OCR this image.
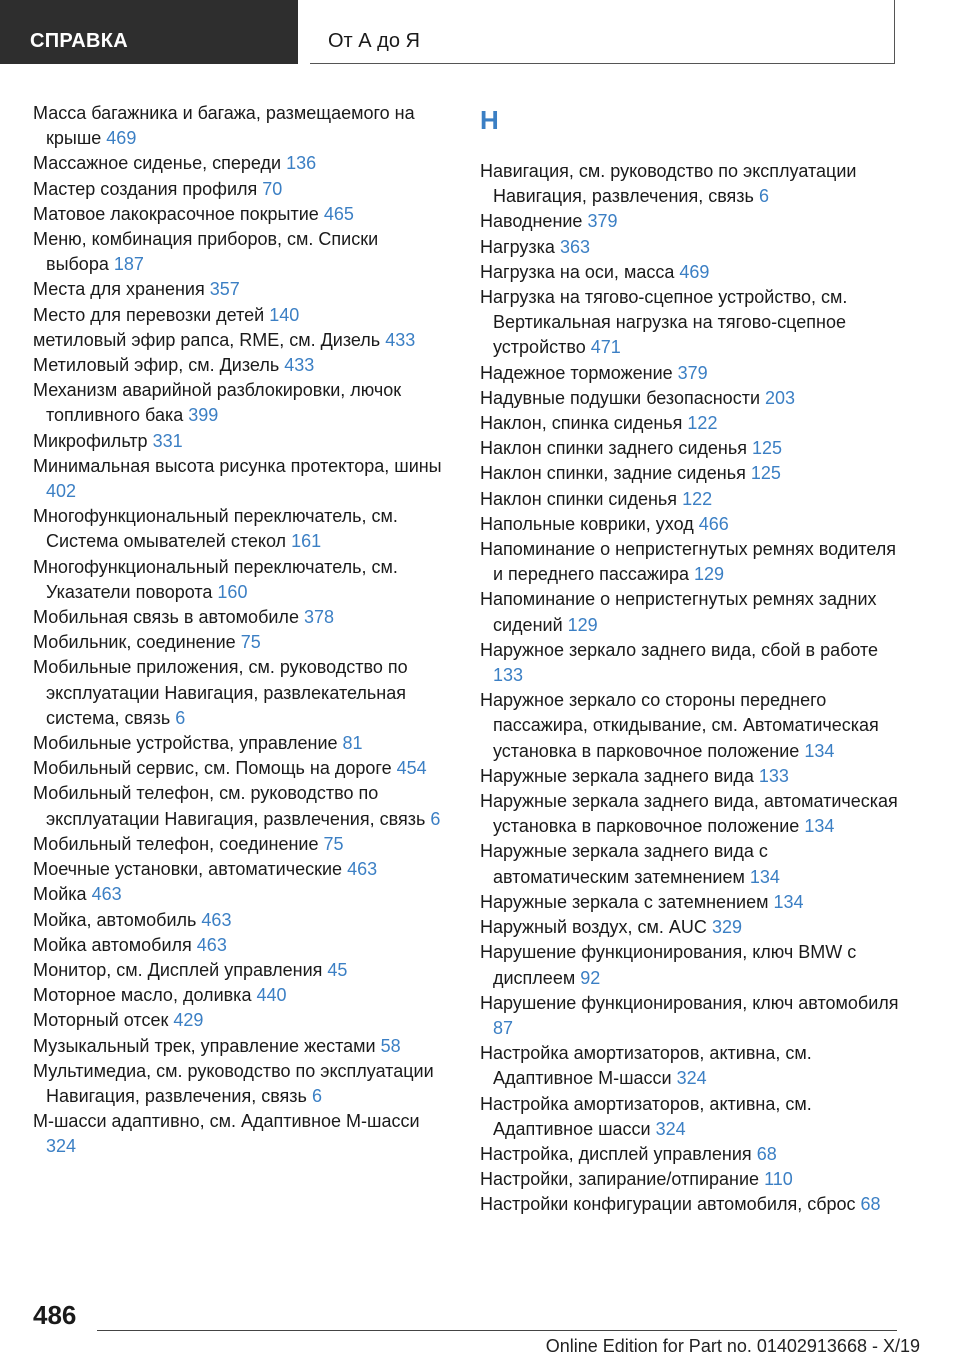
СПРАВКА	От А до Я
Масса багажника и багажа, размещаемого на крыше 469
Массажное сиденье, спереди 136
Мастер создания профиля 70
Матовое лакокрасочное покрытие 465
Меню, комбинация приборов, см. Списки выбора 187
Места для хранения 357
Место для перевозки детей 140
метиловый эфир рапса, RME, см. Дизель 433
Метиловый эфир, см. Дизель 433
Механизм аварийной разблокировки, лючок топливного бака 399
Микрофильтр 331
Минимальная высота рисунка протектора, шины 402
Многофункциональный переключатель, см. Система омывателей стекол 161
Многофункциональный переключатель, см. Указатели поворота 160
Мобильная связь в автомобиле 378
Мобильник, соединение 75
Мобильные приложения, см. руководство по эксплуатации Навигация, развлекательная система, связь 6
Мобильные устройства, управление 81
Мобильный сервис, см. Помощь на дороге 454
Мобильный телефон, см. руководство по эксплуатации Навигация, развлечения, связь 6
Мобильный телефон, соединение 75
Моечные установки, автоматические 463
Мойка 463
Мойка, автомобиль 463
Мойка автомобиля 463
Монитор, см. Дисплей управления 45
Моторное масло, доливка 440
Моторный отсек 429
Музыкальный трек, управление жестами 58
Мультимедиа, см. руководство по эксплуатации Навигация, развлечения, связь 6
М-шасси адаптивно, см. Адаптивное М-шасси 324
Н
Навигация, см. руководство по эксплуатации Навигация, развлечения, связь 6
Наводнение 379
Нагрузка 363
Нагрузка на оси, масса 469
Нагрузка на тягово-сцепное устройство, см. Вертикальная нагрузка на тягово-сцепное устройство 471
Надежное торможение 379
Надувные подушки безопасности 203
Наклон, спинка сиденья 122
Наклон спинки заднего сиденья 125
Наклон спинки, задние сиденья 125
Наклон спинки сиденья 122
Напольные коврики, уход 466
Напоминание о непристегнутых ремнях водителя и переднего пассажира 129
Напоминание о непристегнутых ремнях задних сидений 129
Наружное зеркало заднего вида, сбой в работе 133
Наружное зеркало со стороны переднего пассажира, откидывание, см. Автоматическая установка в парковочное положение 134
Наружные зеркала заднего вида 133
Наружные зеркала заднего вида, автоматическая установка в парковочное положение 134
Наружные зеркала заднего вида с автоматическим затемнением 134
Наружные зеркала с затемнением 134
Наружный воздух, см. AUC 329
Нарушение функционирования, ключ BMW с дисплеем 92
Нарушение функционирования, ключ автомобиля 87
Настройка амортизаторов, активна, см. Адаптивное М-шасси 324
Настройка амортизаторов, активна, см. Адаптивное шасси 324
Настройка, дисплей управления 68
Настройки, запирание/отпирание 110
Настройки конфигурации автомобиля, сброс 68
486
Online Edition for Part no. 01402913668 - X/19
